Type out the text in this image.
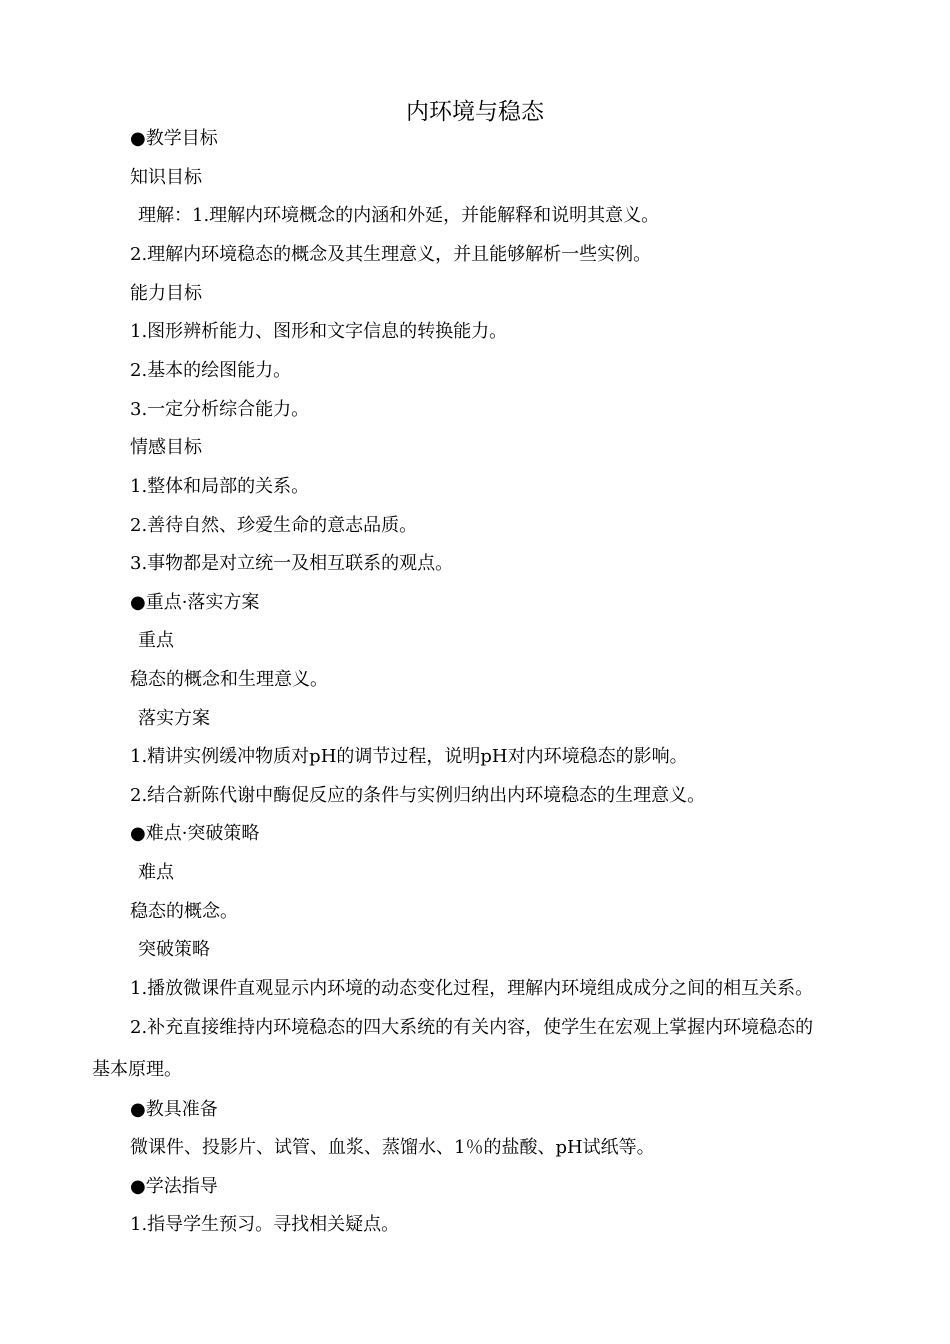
内环境与稳态
●教学目标
知识目标
理解：1.理解内环境概念的内涵和外延，并能解释和说明其意义。
2.理解内环境稳态的概念及其生理意义，并且能够解析一些实例。
能力目标
1.图形辨析能力、图形和文字信息的转换能力。
2.基本的绘图能力。
3.一定分析综合能力。
情感目标
1.整体和局部的关系。
2.善待自然、珍爱生命的意志品质。
3.事物都是对立统一及相互联系的观点。
●重点·落实方案
重点
稳态的概念和生理意义。
落实方案
1.精讲实例缓冲物质对pH的调节过程，说明pH对内环境稳态的影响。
2.结合新陈代谢中酶促反应的条件与实例归纳出内环境稳态的生理意义。
●难点·突破策略
难点
稳态的概念。
突破策略
1.播放微课件直观显示内环境的动态变化过程，理解内环境组成成分之间的相互关系。
2.补充直接维持内环境稳态的四大系统的有关内容，使学生在宏观上掌握内环境稳态的
基本原理。
●教具准备
微课件、投影片、试管、血浆、蒸馏水、1％的盐酸、pH试纸等。
●学法指导
1.指导学生预习。寻找相关疑点。
